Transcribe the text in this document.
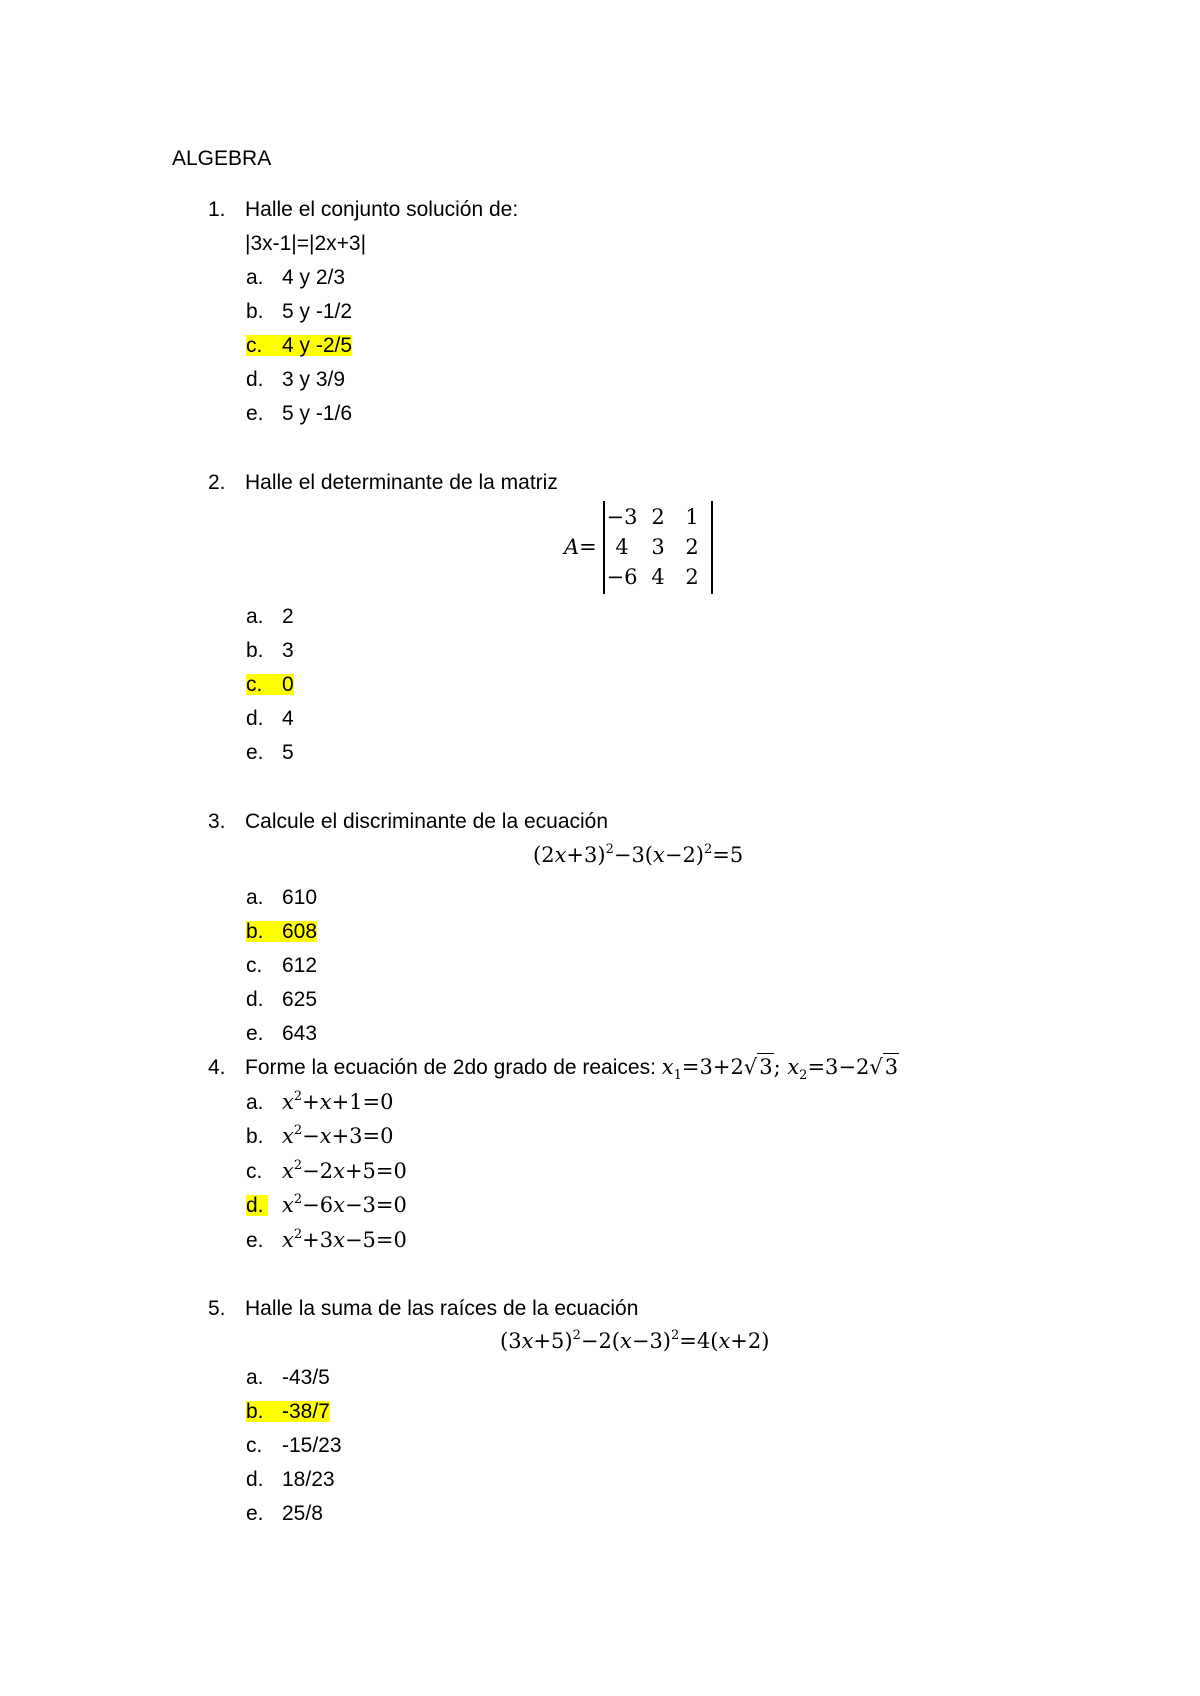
ALGEBRA
1. Halle el conjunto solución de:
|3x-1|=|2x+3|
a. 4 y 2/3
b. 5 y -1/2
c. 4 y -2/5
d. 3 y 3/9
e. 5 y -1/6
2. Halle el determinante de la matriz
A=
−3 2 1
4	3 2
−6 4 2
a. 2
b. 3
c. 0
d. 4
e. 5
3. Calcule el discriminante de la ecuación
$(2x+3)^2-3(x-2)^2=5$
a. 610
b. 608
c. 612
d. 625
e. 643
4. Forme la ecuación de 2do grado de reaices: $x_1=3+2√3$; $x_2=3-2√3$
a. $x^2+x+1=0$
b. $x^2-x+3=0$
c. $x^2-2x+5=0$
d. $x^2-6x-3=0$
e. $x^2+3x-5=0$
5. Halle la suma de las raíces de la ecuación
$(3x+5)^2-2(x-3)^2=4(x+2)$
a. -43/5
b. -38/7
c. -15/23
d. 18/23
e. 25/8
